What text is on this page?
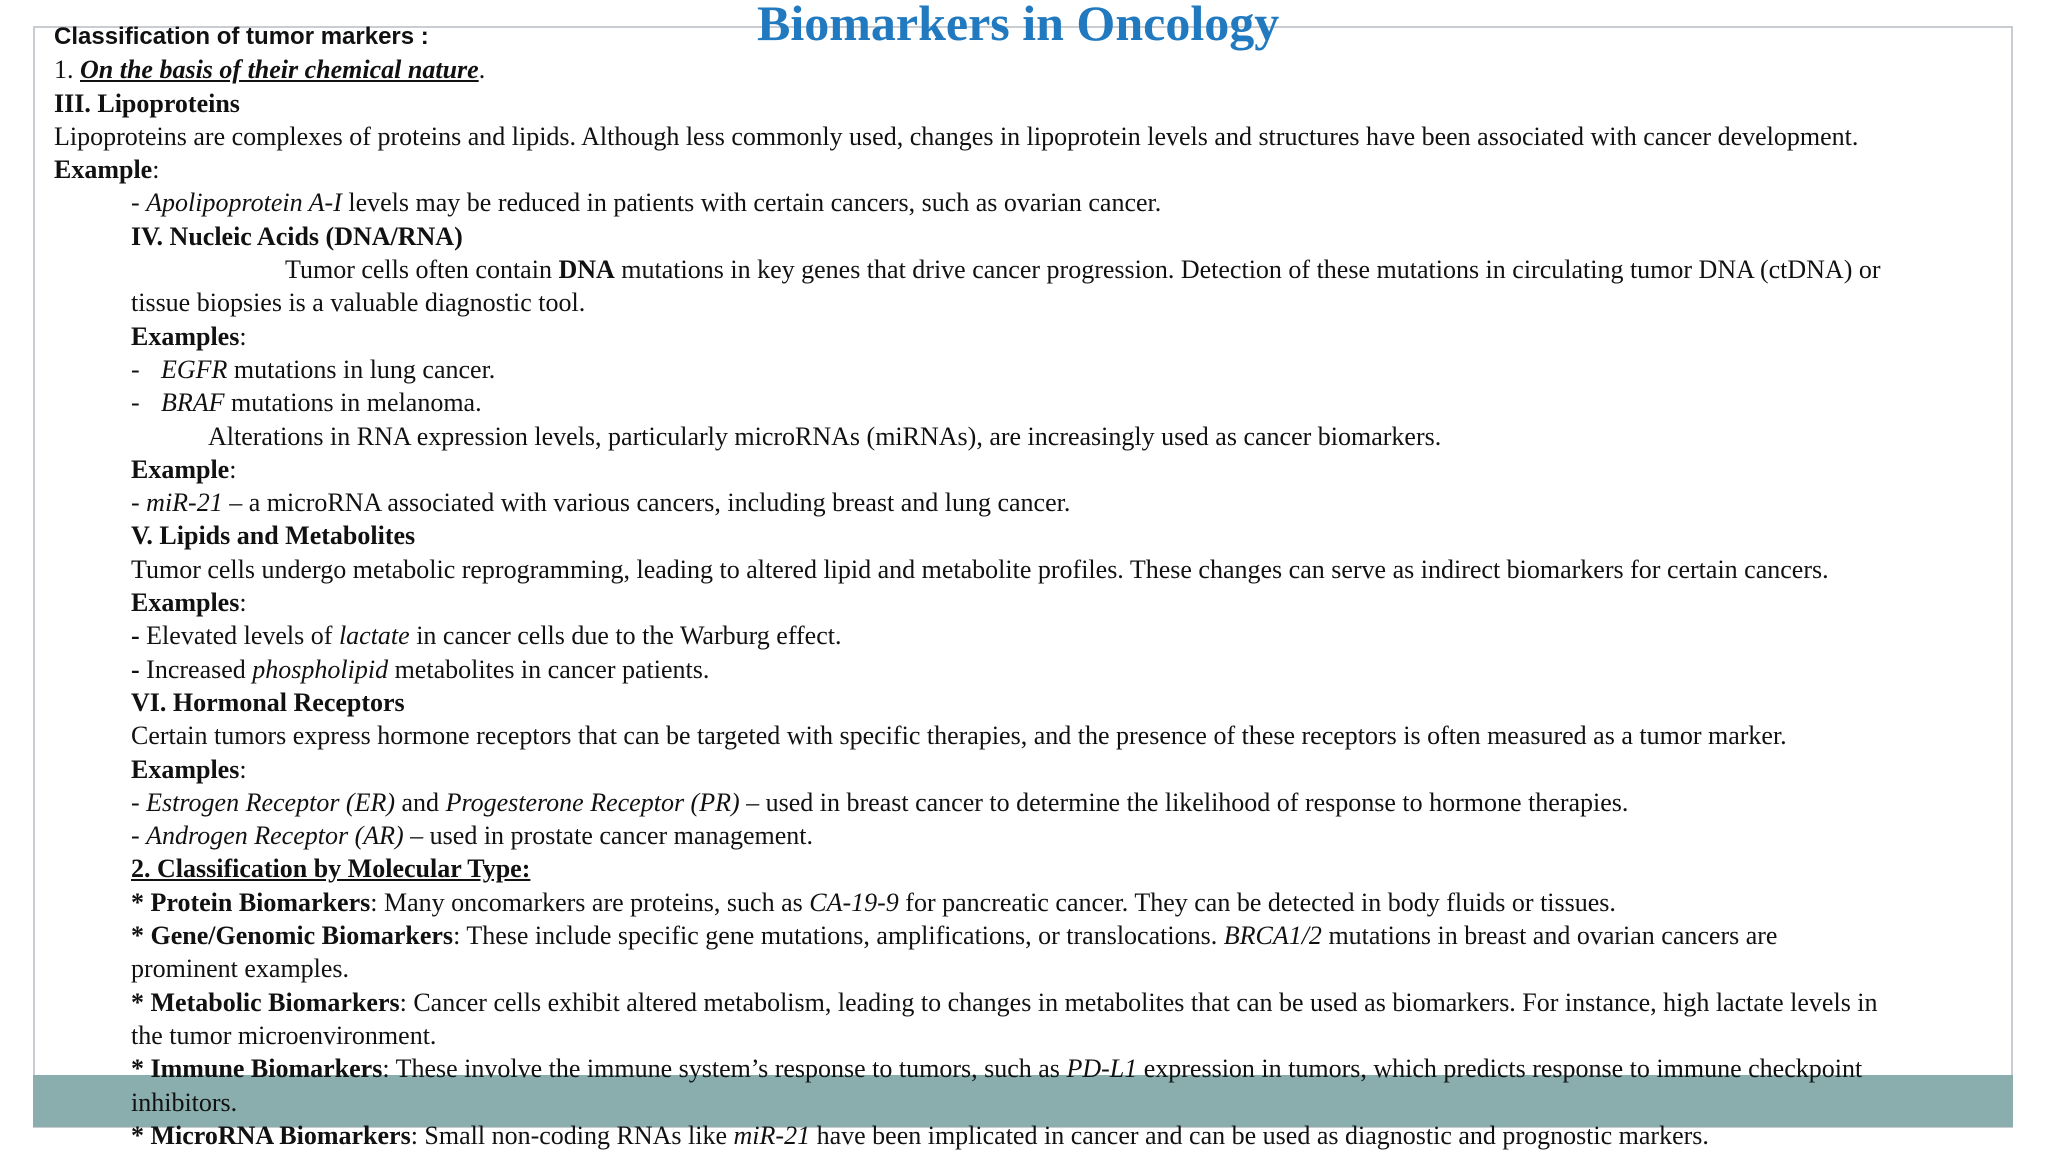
Biomarkers in Oncology
Classification of tumor markers :
1. On the basis of their chemical nature.
III. Lipoproteins
Lipoproteins are complexes of proteins and lipids. Although less commonly used, changes in lipoprotein levels and structures have been associated with cancer development.
Example:
- Apolipoprotein A-I levels may be reduced in patients with certain cancers, such as ovarian cancer.
IV. Nucleic Acids (DNA/RNA)
Tumor cells often contain DNA mutations in key genes that drive cancer progression. Detection of these mutations in circulating tumor DNA (ctDNA) or
tissue biopsies is a valuable diagnostic tool.
Examples:
- EGFR mutations in lung cancer.
- BRAF mutations in melanoma.
Alterations in RNA expression levels, particularly microRNAs (miRNAs), are increasingly used as cancer biomarkers.
Example:
- miR-21 – a microRNA associated with various cancers, including breast and lung cancer.
V. Lipids and Metabolites
Tumor cells undergo metabolic reprogramming, leading to altered lipid and metabolite profiles. These changes can serve as indirect biomarkers for certain cancers.
Examples:
- Elevated levels of lactate in cancer cells due to the Warburg effect.
- Increased phospholipid metabolites in cancer patients.
VI. Hormonal Receptors
Certain tumors express hormone receptors that can be targeted with specific therapies, and the presence of these receptors is often measured as a tumor marker.
Examples:
- Estrogen Receptor (ER) and Progesterone Receptor (PR) – used in breast cancer to determine the likelihood of response to hormone therapies.
- Androgen Receptor (AR) – used in prostate cancer management.
2. Classification by Molecular Type:
* Protein Biomarkers: Many oncomarkers are proteins, such as CA-19-9 for pancreatic cancer. They can be detected in body fluids or tissues.
* Gene/Genomic Biomarkers: These include specific gene mutations, amplifications, or translocations. BRCA1/2 mutations in breast and ovarian cancers are
prominent examples.
* Metabolic Biomarkers: Cancer cells exhibit altered metabolism, leading to changes in metabolites that can be used as biomarkers. For instance, high lactate levels in
the tumor microenvironment.
* Immune Biomarkers: These involve the immune system’s response to tumors, such as PD-L1 expression in tumors, which predicts response to immune checkpoint
inhibitors.
* MicroRNA Biomarkers: Small non-coding RNAs like miR-21 have been implicated in cancer and can be used as diagnostic and prognostic markers.
